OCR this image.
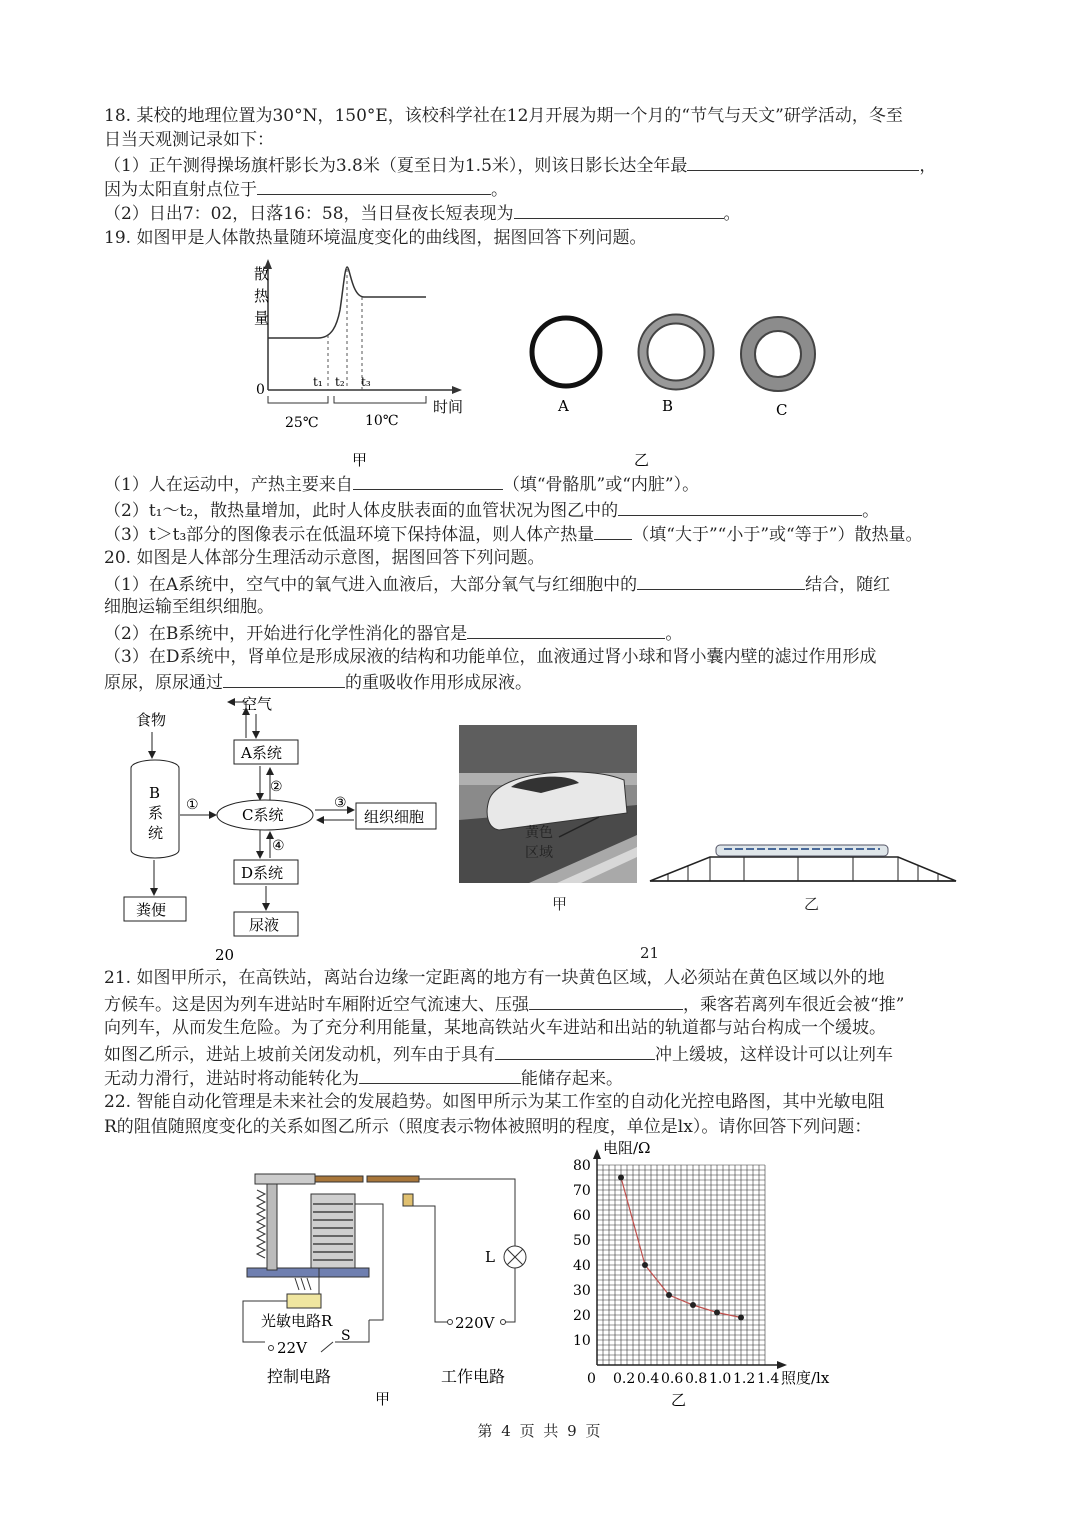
18. 某校的地理位置为30°N，150°E，该校科学社在12月开展为期一个月的“节气与天文”研学活动，冬至
日当天观测记录如下：
（1）正午测得操场旗杆影长为3.8米（夏至日为1.5米），则该日影长达全年最	，
因为太阳直射点位于	。
（2）日出7：02，日落16：58，当日昼夜长短表现为	。
19. 如图甲是人体散热量随环境温度变化的曲线图，据图回答下列问题。
散
热
量
0	t₁ t₂ t₃
25℃	10℃
时间
甲
A	B	C
乙
（1）人在运动中，产热主要来自	（填“骨骼肌”或“内脏”）。
（2）t₁～t₂，散热量增加，此时人体皮肤表面的血管状况为图乙中的	。
（3）t＞t₃部分的图像表示在低温环境下保持体温，则人体产热量 （填“大于”“小于”或“等于”）散热量。
20. 如图是人体部分生理活动示意图，据图回答下列问题。
（1）在A系统中，空气中的氧气进入血液后，大部分氧气与红细胞中的	结合，随红
细胞运输至组织细胞。
（2）在B系统中，开始进行化学性消化的器官是	。
（3）在D系统中，肾单位是形成尿液的结构和功能单位，血液通过肾小球和肾小囊内壁的滤过作用形成
原尿，原尿通过	的重吸收作用形成尿液。
食物
B
系
统
粪便
空气
A系统
②
①
C系统
③
组织细胞
④
D系统
尿液
20
黄色
区域
甲	乙
21
21. 如图甲所示，在高铁站，离站台边缘一定距离的地方有一块黄色区域，人必须站在黄色区域以外的地
方候车。这是因为列车进站时车厢附近空气流速大、压强	，乘客若离列车很近会被“推”
向列车，从而发生危险。为了充分利用能量，某地高铁站火车进站和出站的轨道都与站台构成一个缓坡。
如图乙所示，进站上坡前关闭发动机，列车由于具有	冲上缓坡，这样设计可以让列车
无动力滑行，进站时将动能转化为	能储存起来。
22. 智能自动化管理是未来社会的发展趋势。如图甲所示为某工作室的自动化光控电路图，其中光敏电阻
R的阻值随照度变化的关系如图乙所示（照度表示物体被照明的程度，单位是lx）。请你回答下列问题：
光敏电路R
22V
S
L
220V
控制电路	工作电路
甲
0 0.2 0.4 0.6 0.8 1.0 1.2 1.4
10
20
30
40
50
60
70
80
电阻/Ω
照度/lx
乙
第 4 页 共 9 页
